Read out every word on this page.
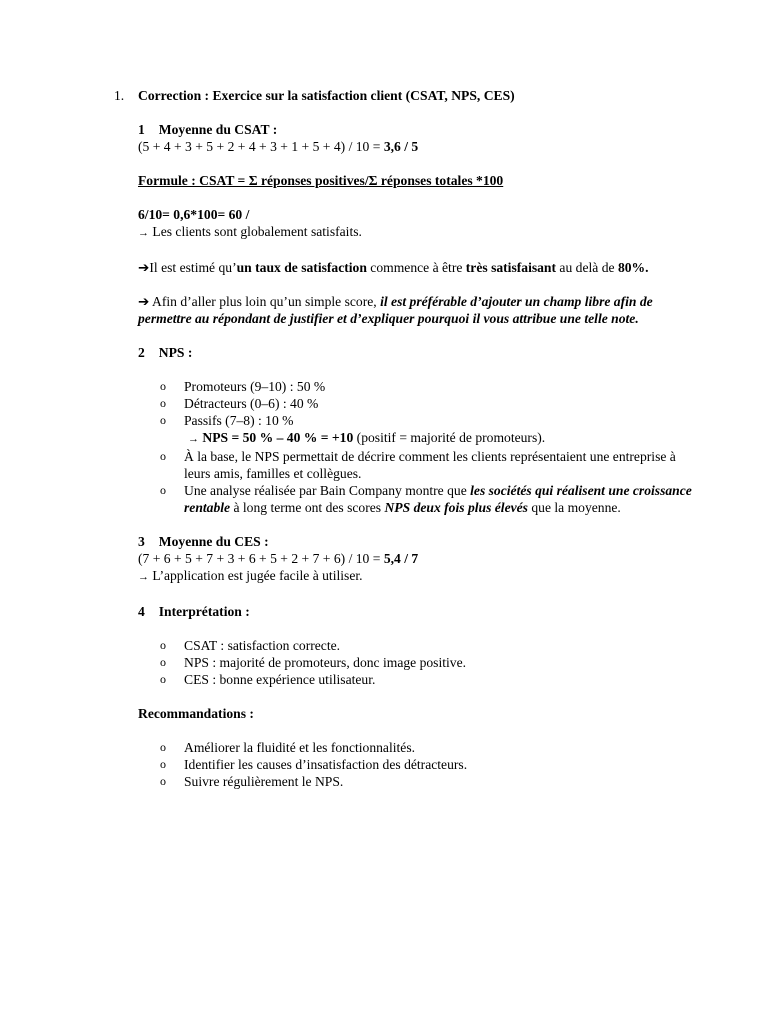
1. Correction : Exercice sur la satisfaction client (CSAT, NPS, CES)

1 Moyenne du CSAT :

(5 + 4 + 3 + 5 + 2 + 4 + 3 + 1 + 5 + 4) / 10 = 3,6 / 5

Formule : CSAT = Σ réponses positives/Σ réponses totales *100

6/10= 0,6*100= 60 /

→ Les clients sont globalement satisfaits.

➔Il est estimé qu’un taux de satisfaction commence à être très satisfaisant au delà de 80%.

➔ Afin d’aller plus loin qu’un simple score, il est préférable d’ajouter un champ libre afin de permettre au répondant de justifier et d’expliquer pourquoi il vous attribue une telle note.

2 NPS :

o Promoteurs (9–10) : 50 %
o Détracteurs (0–6) : 40 %
o Passifs (7–8) : 10 %
→ NPS = 50 % – 40 % = +10 (positif = majorité de promoteurs).
o À la base, le NPS permettait de décrire comment les clients représentaient une entreprise à leurs amis, familles et collègues.
o Une analyse réalisée par Bain Company montre que les sociétés qui réalisent une croissance rentable à long terme ont des scores NPS deux fois plus élevés que la moyenne.

3 Moyenne du CES :

(7 + 6 + 5 + 7 + 3 + 6 + 5 + 2 + 7 + 6) / 10 = 5,4 / 7

→ L’application est jugée facile à utiliser.

4 Interprétation :

o CSAT : satisfaction correcte.
o NPS : majorité de promoteurs, donc image positive.
o CES : bonne expérience utilisateur.

Recommandations :

o Améliorer la fluidité et les fonctionnalités.
o Identifier les causes d’insatisfaction des détracteurs.
o Suivre régulièrement le NPS.
